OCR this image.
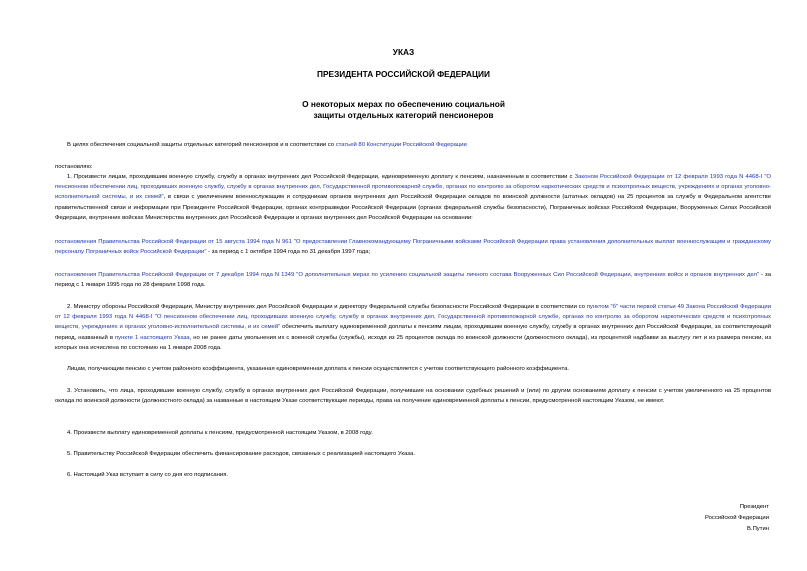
УКАЗ
ПРЕЗИДЕНТА РОССИЙСКОЙ ФЕДЕРАЦИИ
О некоторых мерах по обеспечению социальной
защиты отдельных категорий пенсионеров
В целях обеспечения социальной защиты отдельных категорий пенсионеров и в соответствии со статьей 80 Конституции Российской Федерации
постановляю:
1. Произвести лицам, проходившим военную службу, службу в органах внутренних дел Российской Федерации, единовременную доплату к пенсиям, назначенным в соответствии с Законом Российской Федерации от 12 февраля 1993 года N 4468-I "О пенсионном обеспечении лиц, проходивших военную службу, службу в органах внутренних дел, Государственной противопожарной службе, органах по контролю за оборотом наркотических средств и психотропных веществ, учреждениях и органах уголовно-исполнительной системы, и их семей", в связи с увеличением военнослужащим и сотрудникам органов внутренних дел Российской Федерации окладов по воинской должности (штатных окладов) на 25 процентов за службу в Федеральном агентстве правительственной связи и информации при Президенте Российской Федерации, органах контрразведки Российской Федерации (органах федеральной службы безопасности), Пограничных войсках Российской Федерации, Вооруженных Силах Российской Федерации, внутренних войсках Министерства внутренних дел Российской Федерации и органах внутренних дел Российской Федерации на основании:
постановления Правительства Российской Федерации от 15 августа 1994 года N 961 "О предоставлении Главнокомандующему Пограничными войсками Российской Федерации права установления дополнительных выплат военнослужащим и гражданскому персоналу Пограничных войск Российской Федерации" - за период с 1 октября 1994 года по 31 декабря 1997 года;
постановления Правительства Российской Федерации от 7 декабря 1994 года N 1349 "О дополнительных мерах по усилению социальной защиты личного состава Вооруженных Сил Российской Федерации, внутренних войск и органов внутренних дел" - за период с 1 января 1995 года по 28 февраля 1998 года.
2. Министру обороны Российской Федерации, Министру внутренних дел Российской Федерации и директору Федеральной службы безопасности Российской Федерации в соответствии со пунктом "б" части первой статьи 49 Закона Российской Федерации от 12 февраля 1993 года N 4468-I "О пенсионном обеспечении лиц, проходивших военную службу, службу в органах внутренних дел, Государственной противопожарной службе, органах по контролю за оборотом наркотических средств и психотропных веществ, учреждениях и органах уголовно-исполнительной системы, и их семей" обеспечить выплату единовременной доплаты к пенсиям лицам, проходившим военную службу, службу в органах внутренних дел Российской Федерации, за соответствующий период, названный в пункте 1 настоящего Указа, но не ранее даты увольнения их с военной службы (службы), исходя из 25 процентов оклада по воинской должности (должностного оклада), из процентной надбавки за выслугу лет и из размера пенсии, из которых она исчислена по состоянию на 1 января 2008 года.
Лицам, получающим пенсию с учетом районного коэффициента, указанная единовременная доплата к пенсии осуществляется с учетом соответствующего районного коэффициента.
3. Установить, что лица, проходившие военную службу, службу в органах внутренних дел Российской Федерации, получившие на основании судебных решений и (или) по другим основаниям доплату к пенсии с учетом увеличенного на 25 процентов оклада по воинской должности (должностного оклада) за названные в настоящем Указе соответствующие периоды, права на получение единовременной доплаты к пенсии, предусмотренной настоящим Указом, не имеют.
4. Произвести выплату единовременной доплаты к пенсиям, предусмотренной настоящим Указом, в 2008 году.
5. Правительству Российской Федерации обеспечить финансирование расходов, связанных с реализацией настоящего Указа.
6. Настоящий Указ вступает в силу со дня его подписания.
Президент
Российской Федерации
В.Путин
